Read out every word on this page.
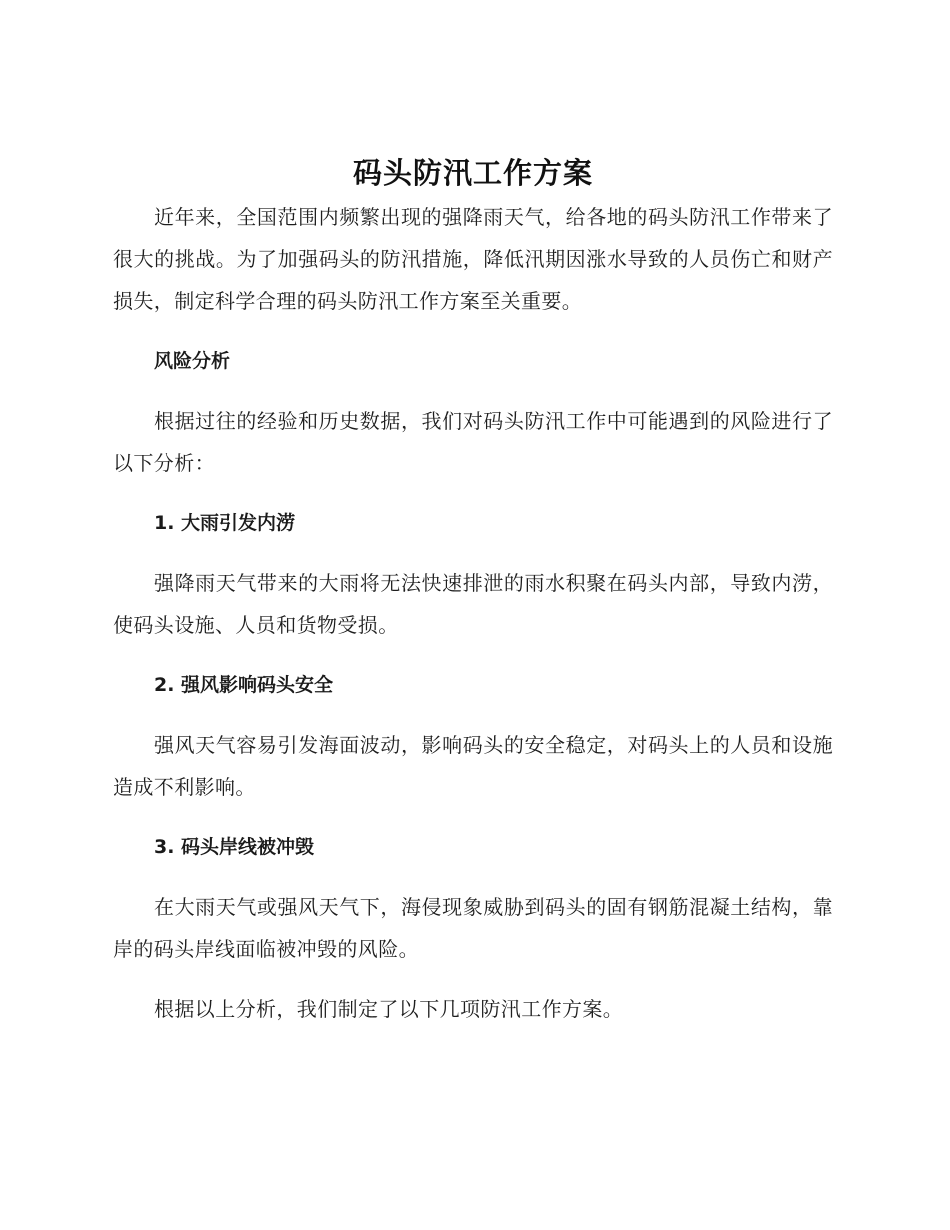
码头防汛工作方案

近年来，全国范围内频繁出现的强降雨天气，给各地的码头防汛工作带来了很大的挑战。为了加强码头的防汛措施，降低汛期因涨水导致的人员伤亡和财产损失，制定科学合理的码头防汛工作方案至关重要。

风险分析

根据过往的经验和历史数据，我们对码头防汛工作中可能遇到的风险进行了以下分析：

1. 大雨引发内涝

强降雨天气带来的大雨将无法快速排泄的雨水积聚在码头内部，导致内涝，使码头设施、人员和货物受损。

2. 强风影响码头安全

强风天气容易引发海面波动，影响码头的安全稳定，对码头上的人员和设施造成不利影响。

3. 码头岸线被冲毁

在大雨天气或强风天气下，海侵现象威胁到码头的固有钢筋混凝土结构，靠岸的码头岸线面临被冲毁的风险。

根据以上分析，我们制定了以下几项防汛工作方案。
